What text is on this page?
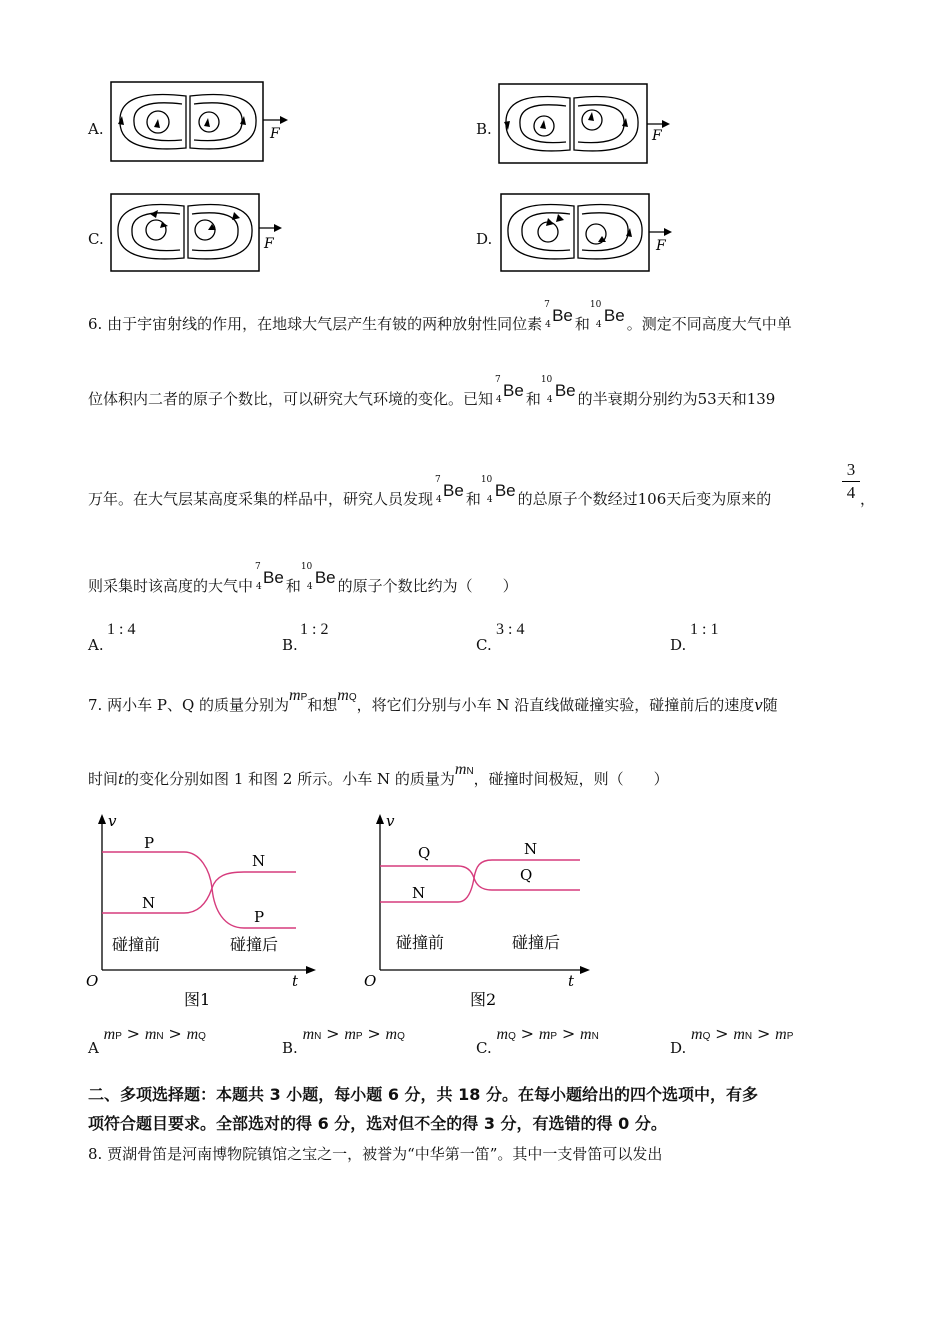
A.	B.
C.	D.
F	F
F	F
6. 由于宇宙射线的作用，在地球大气层产生有铍的两种放射性同位素
7
4 Be 和
10
4 Be 。测定不同高度大气中单
位体积内二者的原子个数比，可以研究大气环境的变化。已知
7
4 Be 和
10
4 Be 的半衰期分别约为53天和139
万年。在大气层某高度采集的样品中，研究人员发现
7
4 Be 和
10
4 Be 的总原子个数经过106天后变为原来的
3
4 ，
则采集时该高度的大气中
7
4 Be 和
10
4 Be 的原子个数比约为（　　）
A.
1 : 4
B.
1 : 2
C.
3 : 4
D.
1 : 1
7. 两小车 P、Q 的质量分别为mP和想mQ，将它们分别与小车 N 沿直线做碰撞实验，碰撞前后的速度v随
时间t的变化分别如图 1 和图 2 所示。小车 N 的质量为mN，碰撞时间极短，则（　　）
v
t
O
P
N
N
P
碰撞前	碰撞后
图1
v
t
O
Q	N
N
Q
碰撞前	碰撞后
图2
A mP > mN > mQ
B. mN > mP > mQ
C. mQ > mP > mN
D. mQ > mN > mP
二、多项选择题：本题共 3 小题，每小题 6 分，共 18 分。在每小题给出的四个选项中，有多
项符合题目要求。全部选对的得 6 分，选对但不全的得 3 分，有选错的得 0 分。
8. 贾湖骨笛是河南博物院镇馆之宝之一，被誉为“中华第一笛”。其中一支骨笛可以发出
